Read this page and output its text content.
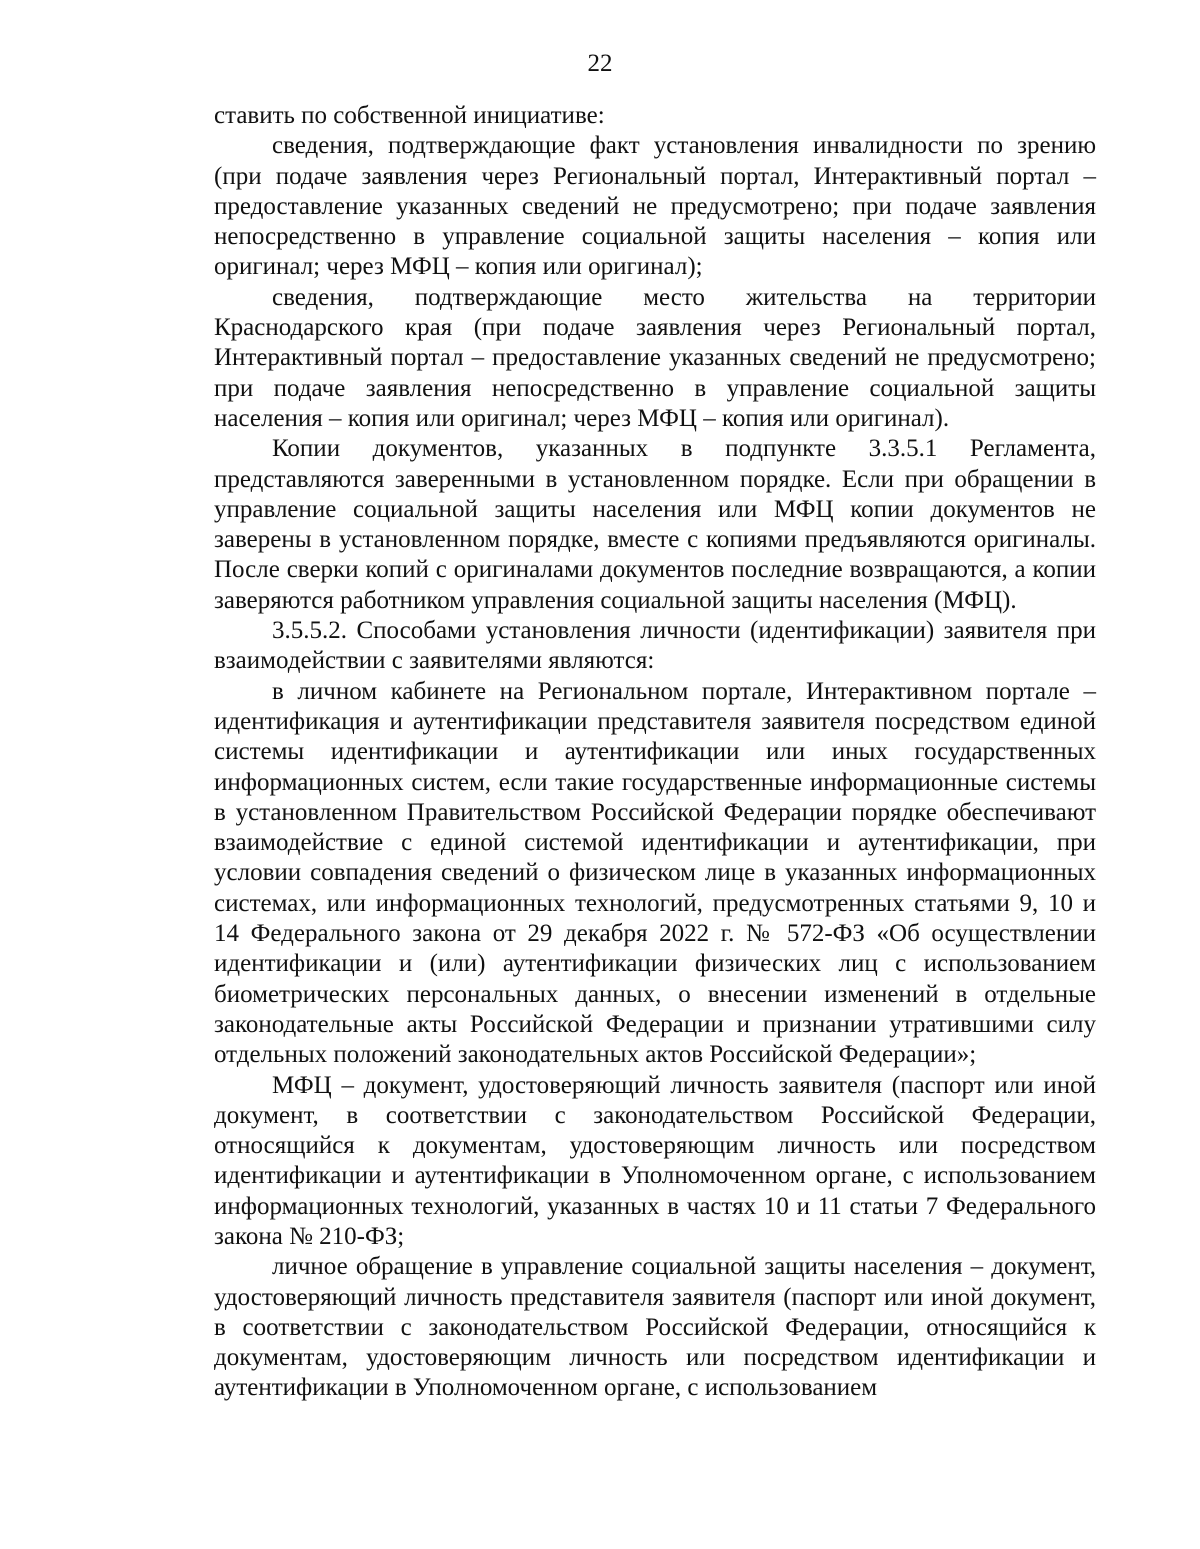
22

ставить по собственной инициативе:

сведения, подтверждающие факт установления инвалидности по зрению (при подаче заявления через Региональный портал, Интерактивный портал – предоставление указанных сведений не предусмотрено; при подаче заявления непосредственно в управление социальной защиты населения – копия или оригинал; через МФЦ – копия или оригинал);

сведения, подтверждающие место жительства на территории Краснодарского края (при подаче заявления через Региональный портал, Интерактивный портал – предоставление указанных сведений не предусмотрено; при подаче заявления непосредственно в управление социальной защиты населения – копия или оригинал; через МФЦ – копия или оригинал).

Копии документов, указанных в подпункте 3.3.5.1 Регламента, представляются заверенными в установленном порядке. Если при обращении в управление социальной защиты населения или МФЦ копии документов не заверены в установленном порядке, вместе с копиями предъявляются оригиналы. После сверки копий с оригиналами документов последние возвращаются, а копии заверяются работником управления социальной защиты населения (МФЦ).

3.5.5.2. Способами установления личности (идентификации) заявителя при взаимодействии с заявителями являются:

в личном кабинете на Региональном портале, Интерактивном портале – идентификация и аутентификации представителя заявителя посредством единой системы идентификации и аутентификации или иных государственных информационных систем, если такие государственные информационные системы в установленном Правительством Российской Федерации порядке обеспечивают взаимодействие с единой системой идентификации и аутентификации, при условии совпадения сведений о физическом лице в указанных информационных системах, или информационных технологий, предусмотренных статьями 9, 10 и 14 Федерального закона от 29 декабря 2022 г. № 572-ФЗ «Об осуществлении идентификации и (или) аутентификации физических лиц с использованием биометрических персональных данных, о внесении изменений в отдельные законодательные акты Российской Федерации и признании утратившими силу отдельных положений законодательных актов Российской Федерации»;

МФЦ – документ, удостоверяющий личность заявителя (паспорт или иной документ, в соответствии с законодательством Российской Федерации, относящийся к документам, удостоверяющим личность или посредством идентификации и аутентификации в Уполномоченном органе, с использованием информационных технологий, указанных в частях 10 и 11 статьи 7 Федерального закона № 210-ФЗ;

личное обращение в управление социальной защиты населения – документ, удостоверяющий личность представителя заявителя (паспорт или иной документ, в соответствии с законодательством Российской Федерации, относящийся к документам, удостоверяющим личность или посредством идентификации и аутентификации в Уполномоченном органе, с использованием
